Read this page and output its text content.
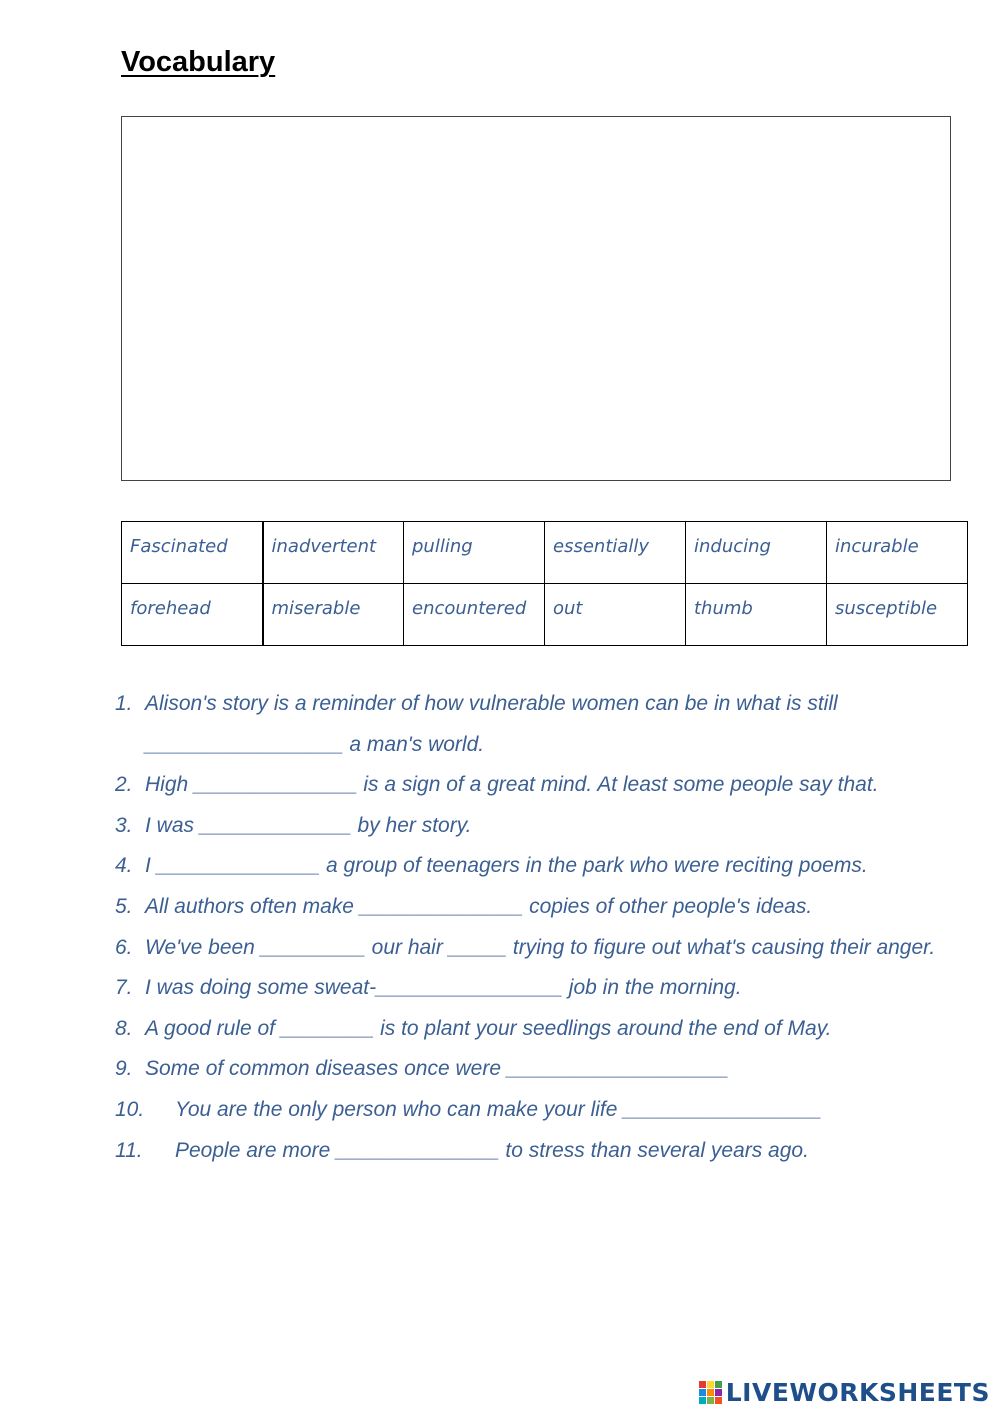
Vocabulary
Fascinated	inadvertent	pulling	essentially	inducing	incurable
forehead	miserable	encountered	out	thumb	susceptible
1. Alison's story is a reminder of how vulnerable women can be in what is still _________________ a man's world.
2. High ______________ is a sign of a great mind. At least some people say that.
3. I was _____________ by her story.
4. I ______________ a group of teenagers in the park who were reciting poems.
5. All authors often make ______________ copies of other people's ideas.
6. We've been _________ our hair _____ trying to figure out what's causing their anger.
7. I was doing some sweat-________________ job in the morning.
8. A good rule of ________ is to plant your seedlings around the end of May.
9. Some of common diseases once were ___________________
10.	You are the only person who can make your life _________________
11.	People are more ______________ to stress than several years ago.
LIVEWORKSHEETS
